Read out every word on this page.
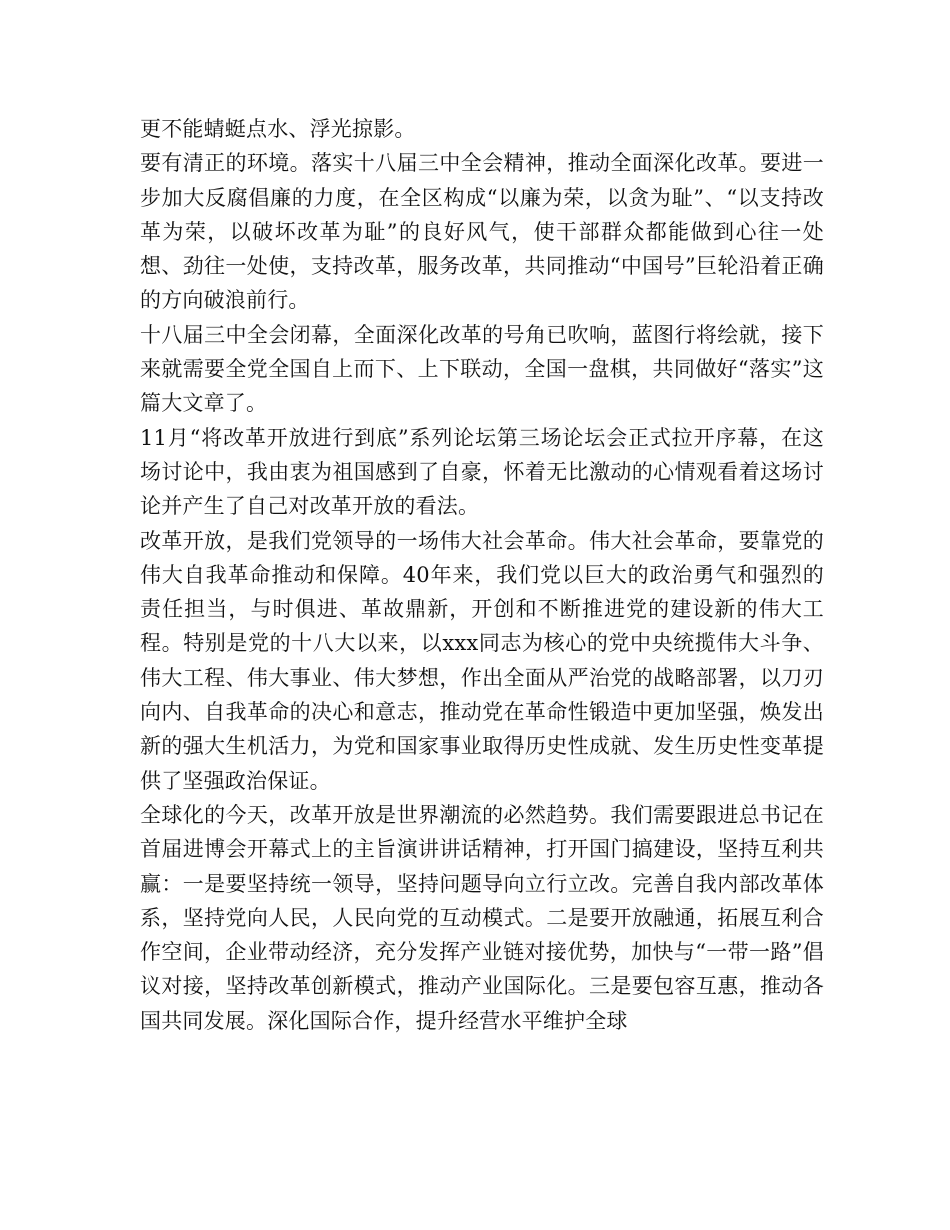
更不能蜻蜓点水、浮光掠影。

要有清正的环境。落实十八届三中全会精神，推动全面深化改革。要进一步加大反腐倡廉的力度，在全区构成“以廉为荣，以贪为耻”、“以支持改革为荣，以破坏改革为耻”的良好风气，使干部群众都能做到心往一处想、劲往一处使，支持改革，服务改革，共同推动“中国号”巨轮沿着正确的方向破浪前行。

十八届三中全会闭幕，全面深化改革的号角已吹响，蓝图行将绘就，接下来就需要全党全国自上而下、上下联动，全国一盘棋，共同做好“落实”这篇大文章了。

11月“将改革开放进行到底”系列论坛第三场论坛会正式拉开序幕，在这场讨论中，我由衷为祖国感到了自豪，怀着无比激动的心情观看着这场讨论并产生了自己对改革开放的看法。

改革开放，是我们党领导的一场伟大社会革命。伟大社会革命，要靠党的伟大自我革命推动和保障。40年来，我们党以巨大的政治勇气和强烈的责任担当，与时俱进、革故鼎新，开创和不断推进党的建设新的伟大工程。特别是党的十八大以来，以xxx同志为核心的党中央统揽伟大斗争、伟大工程、伟大事业、伟大梦想，作出全面从严治党的战略部署，以刀刃向内、自我革命的决心和意志，推动党在革命性锻造中更加坚强，焕发出新的强大生机活力，为党和国家事业取得历史性成就、发生历史性变革提供了坚强政治保证。

全球化的今天，改革开放是世界潮流的必然趋势。我们需要跟进总书记在首届进博会开幕式上的主旨演讲讲话精神，打开国门搞建设，坚持互利共赢：一是要坚持统一领导，坚持问题导向立行立改。完善自我内部改革体系，坚持党向人民，人民向党的互动模式。二是要开放融通，拓展互利合作空间，企业带动经济，充分发挥产业链对接优势，加快与“一带一路”倡议对接，坚持改革创新模式，推动产业国际化。三是要包容互惠，推动各国共同发展。深化国际合作，提升经营水平维护全球
